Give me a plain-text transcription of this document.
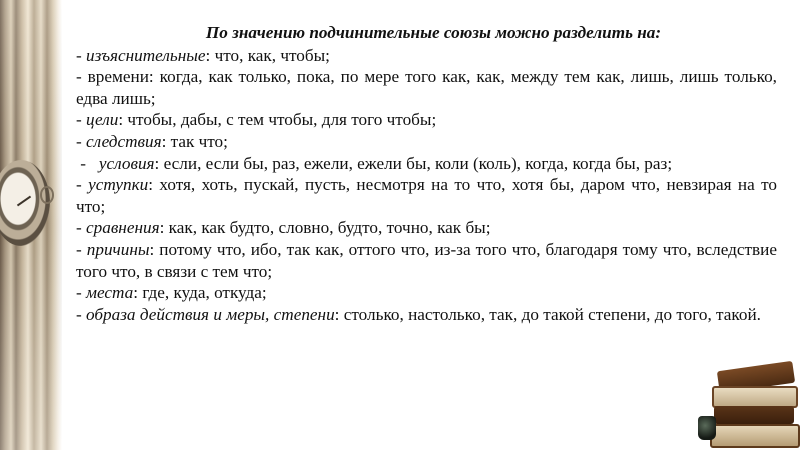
По значению подчинительные союзы можно разделить на:

- изъяснительные: что, как, чтобы;

- времени: когда, как только, пока, по мере того как, как, между тем как, лишь, лишь только, едва лишь;

- цели: чтобы, дабы, с тем чтобы, для того чтобы;

- следствия: так что;

-   условия: если, если бы, раз, ежели, ежели бы, коли (коль), когда, когда бы, раз;

- уступки: хотя, хоть, пускай, пусть, несмотря на то что, хотя бы, даром что, невзирая на то что;

- сравнения: как, как будто, словно, будто, точно, как бы;

- причины: потому что, ибо, так как, оттого что, из-за того что, благодаря тому что, вследствие того что, в связи с тем что;

- места: где, куда, откуда;

- образа действия и меры, степени: столько, настолько, так, до такой степени, до того, такой.
